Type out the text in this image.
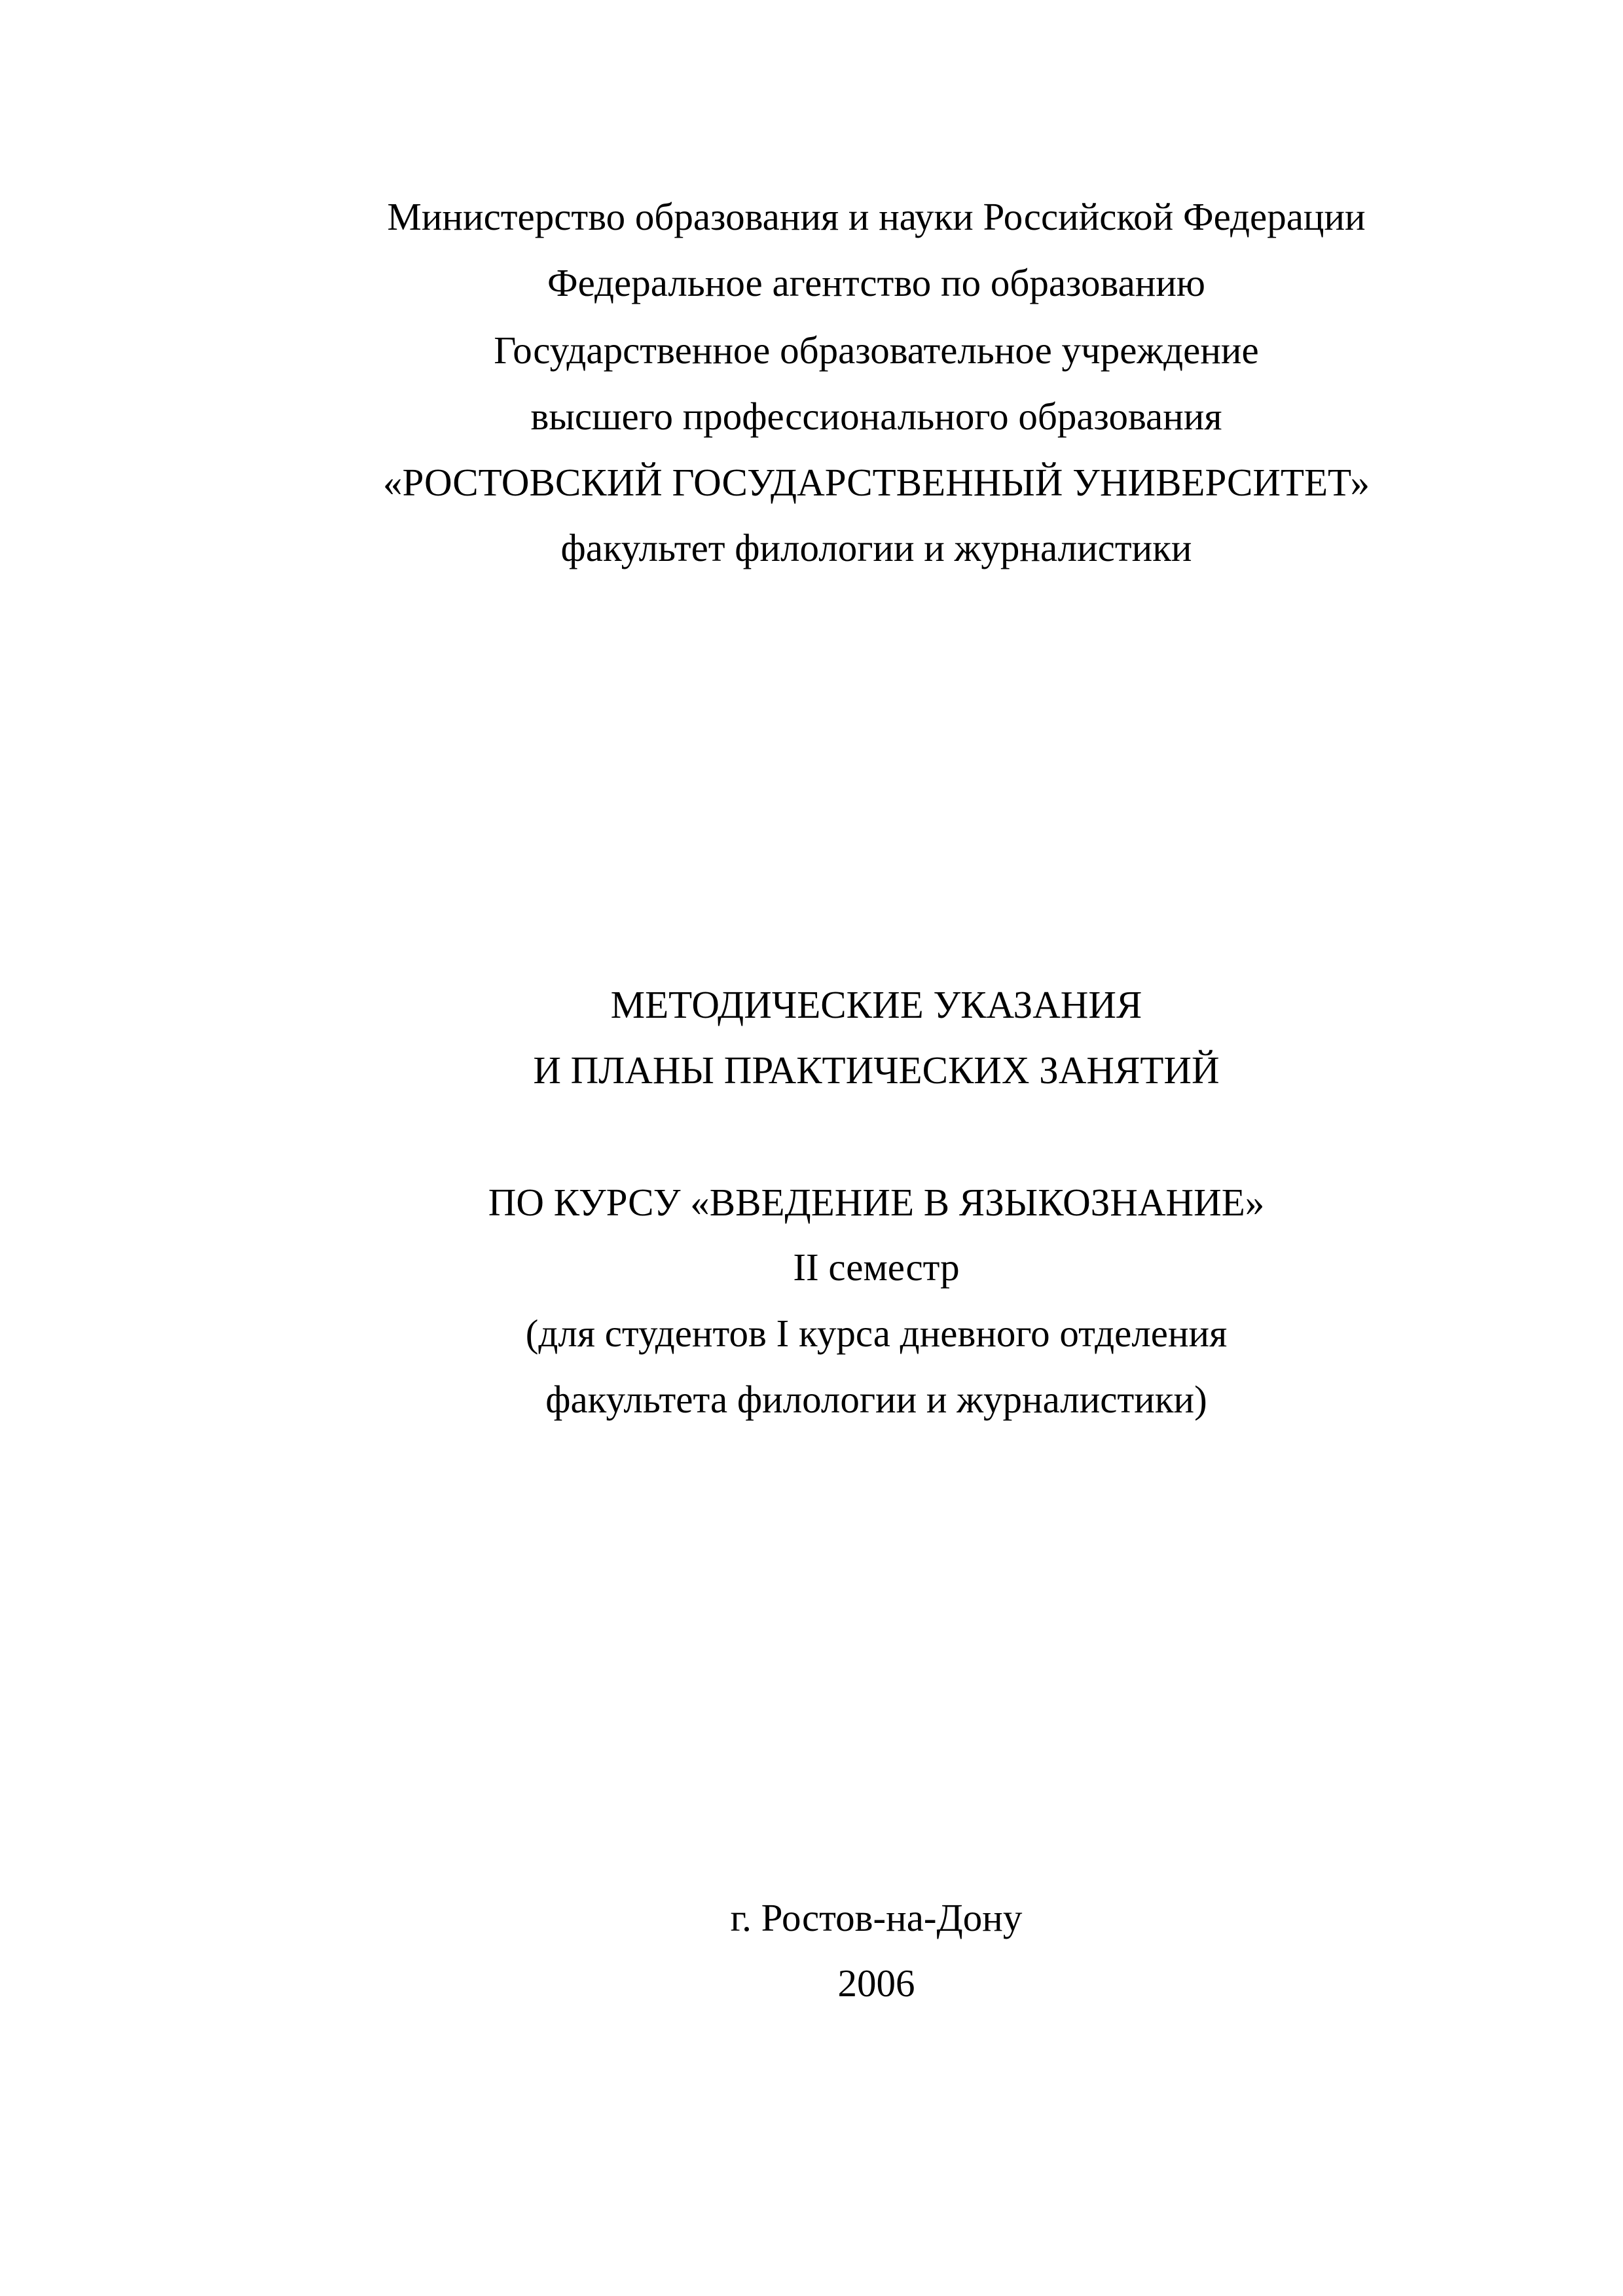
Министерство образования и науки Российской Федерации

Федеральное агентство по образованию

Государственное образовательное учреждение

высшего профессионального образования

«РОСТОВСКИЙ ГОСУДАРСТВЕННЫЙ УНИВЕРСИТЕТ»

факультет филологии и журналистики

МЕТОДИЧЕСКИЕ УКАЗАНИЯ

И ПЛАНЫ ПРАКТИЧЕСКИХ ЗАНЯТИЙ

ПО КУРСУ «ВВЕДЕНИЕ В ЯЗЫКОЗНАНИЕ»

II семестр

(для студентов I курса дневного отделения

факультета филологии и журналистики)

г. Ростов-на-Дону

2006
